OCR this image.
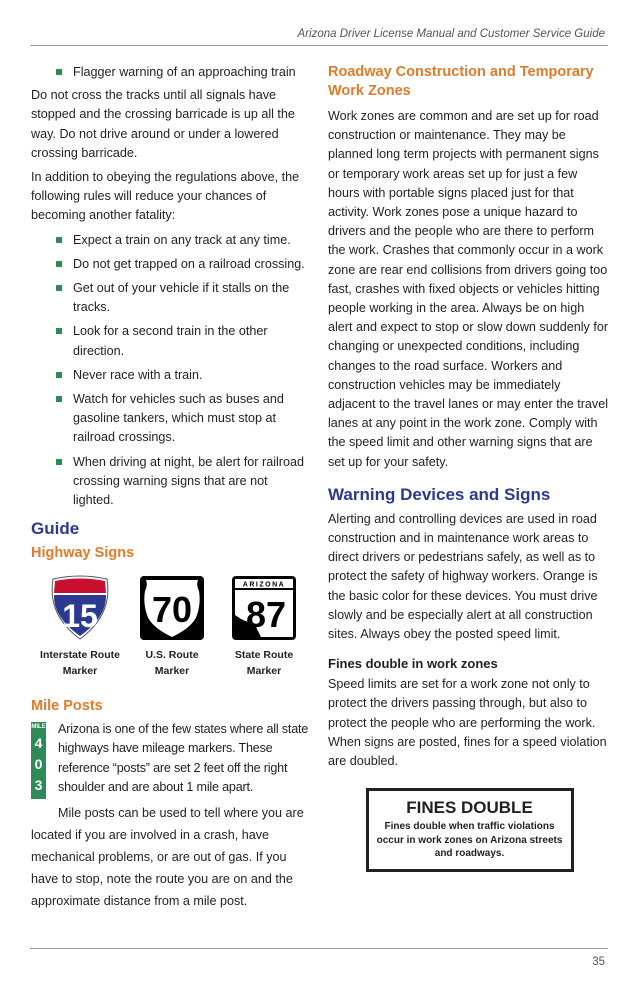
Arizona Driver License Manual and Customer Service Guide
Flagger warning of an approaching train

Do not cross the tracks until all signals have stopped and the crossing barricade is up all the way. Do not drive around or under a lowered crossing barricade.

In addition to obeying the regulations above, the following rules will reduce your chances of becoming another fatality:

Expect a train on any track at any time.
Do not get trapped on a railroad crossing.
Get out of your vehicle if it stalls on the tracks.
Look for a second train in the other direction.
Never race with a train.
Watch for vehicles such as buses and gasoline tankers, which must stop at railroad crossings.
When driving at night, be alert for railroad crossing warning signs that are not lighted.
Guide
Highway Signs
15
Interstate Route
Marker
70
U.S. Route
Marker
ARIZONA
87
State Route
Marker
Mile Posts
MILE
4
0
3

Arizona is one of the few states where all state highways have mileage markers. These reference “posts” are set 2 feet off the right shoulder and are about 1 mile apart.

Mile posts can be used to tell where you are located if you are involved in a crash, have mechanical problems, or are out of gas. If you have to stop, note the route you are on and the approximate distance from a mile post.

Roadway Construction and Temporary Work Zones

Work zones are common and are set up for road construction or maintenance. They may be planned long term projects with permanent signs or temporary work areas set up for just a few hours with portable signs placed just for that activity. Work zones pose a unique hazard to drivers and the people who are there to perform the work. Crashes that commonly occur in a work zone are rear end collisions from drivers going too fast, crashes with fixed objects or vehicles hitting people working in the area. Always be on high alert and expect to stop or slow down suddenly for changing or unexpected conditions, including changes to the road surface. Workers and construction vehicles may be immediately adjacent to the travel lanes or may enter the travel lanes at any point in the work zone. Comply with the speed limit and other warning signs that are set up for your safety.

Warning Devices and Signs

Alerting and controlling devices are used in road construction and in maintenance work areas to direct drivers or pedestrians safely, as well as to protect the safety of highway workers. Orange is the basic color for these devices. You must drive slowly and be especially alert at all construction sites. Always obey the posted speed limit.

Fines double in work zones

Speed limits are set for a work zone not only to protect the drivers passing through, but also to protect the people who are performing the work. When signs are posted, fines for a speed violation are doubled.

FINES DOUBLE
Fines double when traffic violations occur in work zones on Arizona streets and roadways.
35
